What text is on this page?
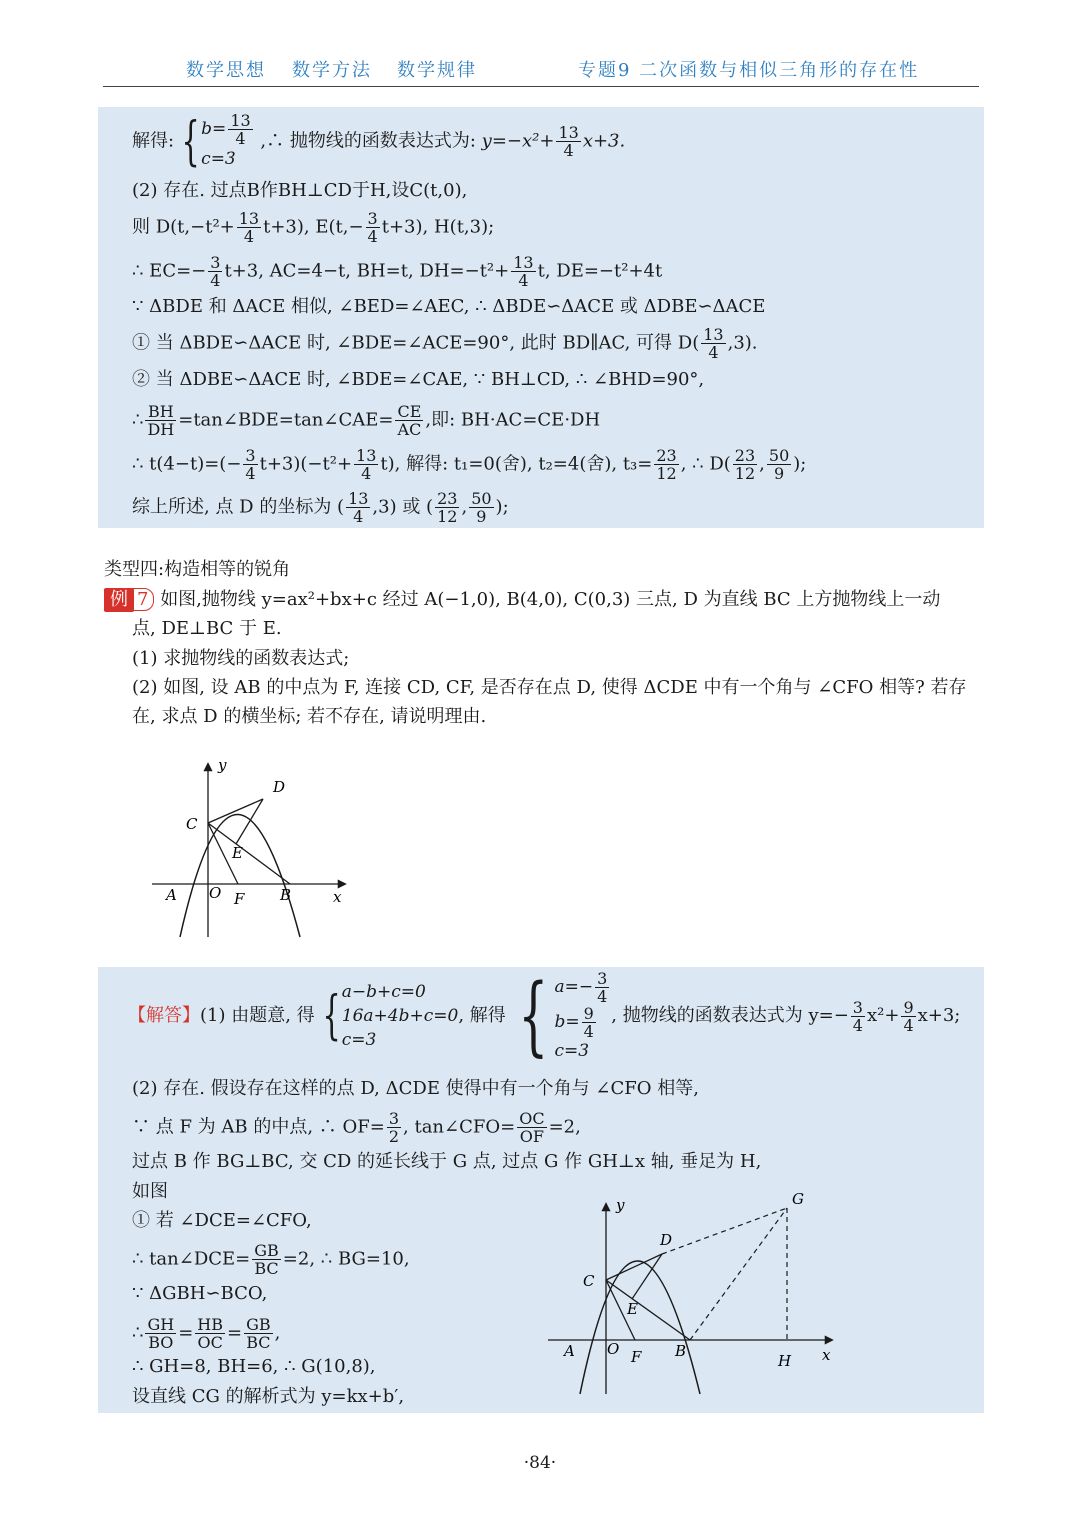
数学思想 数学方法 数学规律	专题9 二次函数与相似三角形的存在性
解得: {$b= \frac{13}{4}$

c=3 ,∴ 抛物线的函数表达式为: $y=-x^2+ \frac{13}{4} x+3$.
(2) 存在. 过点B作BH⊥CD于H,设C(t,0),
则 $D(t,-t^2+ \frac{13}{4} t+3)$, $E(t,- \frac{3}{4} t+3)$, H(t,3);
∴ $EC=- \frac{3}{4} t+3$, AC=4−t, BH=t, $DH=-t^2+ \frac{13}{4} t$, DE=−t²+4t
∵ ΔBDE 和 ΔACE 相似, ∠BED=∠AEC, ∴ ΔBDE∽ΔACE 或 ΔDBE∽ΔACE
① 当 ΔBDE∽ΔACE 时, ∠BDE=∠ACE=90°, 此时 BD∥AC, 可得 $D( \frac{13}{4} ,3)$.
② 当 ΔDBE∽ΔACE 时, ∠BDE=∠CAE, ∵ BH⊥CD, ∴ ∠BHD=90°,
∴ $\frac{BH}{DH}$ =tan∠BDE=tan∠CAE= $\frac{CE}{AC}$ ,即: BH·AC=CE·DH
∴ $t(4-t)=(- \frac{3}{4} t+3)(-t^2+ \frac{13}{4} t)$, 解得: t₁=0(舍), t₂=4(舍), $t_3= \frac{23}{12}$ , ∴ $D( \frac{23}{12}$ , $\frac{50}{9}$ );
综上所述, 点 D 的坐标为 ( $\frac{13}{4} ,3$) 或 ( $\frac{23}{12}$ , $\frac{50}{9}$ );
类型四:构造相等的锐角
例 7 如图,抛物线 y=ax²+bx+c 经过 A(−1,0), B(4,0), C(0,3) 三点, D 为直线 BC 上方抛物线上一动
点, DE⊥BC 于 E.
(1) 求抛物线的函数表达式;
(2) 如图, 设 AB 的中点为 F, 连接 CD, CF, 是否存在点 D, 使得 ΔCDE 中有一个角与 ∠CFO 相等? 若存
在, 求点 D 的横坐标; 若不存在, 请说明理由.
y
x
D
C
E
A O F B
【解答】(1) 由题意, 得 {a−b+c=0
16a+4b+c=0
c=3, 解得 { $a=- \frac{3}{4}$

$b= \frac{9}{4}$

c=3, 抛物线的函数表达式为 $y=- \frac{3}{4} x^2+ \frac{9}{4} x+3$;
(2) 存在. 假设存在这样的点 D, ΔCDE 使得中有一个角与 ∠CFO 相等,
∵ 点 F 为 AB 的中点, ∴ $OF= \frac{3}{2}$ , tan∠CFO= $\frac{OC}{OF} =2$,
过点 B 作 BG⊥BC, 交 CD 的延长线于 G 点, 过点 G 作 GH⊥x 轴, 垂足为 H,
如图
① 若 ∠DCE=∠CFO,
∴ tan∠DCE= $\frac{GB}{BC} =2$, ∴ BG=10,
∵ ΔGBH∽BCO,
∴ $\frac{GH}{BO} = \frac{HB}{OC} = \frac{GB}{BC}$ ,
∴ GH=8, BH=6, ∴ G(10,8),
设直线 CG 的解析式为 y=kx+b′,
y
x
G
D
C
E
A O F B
H
·84·
